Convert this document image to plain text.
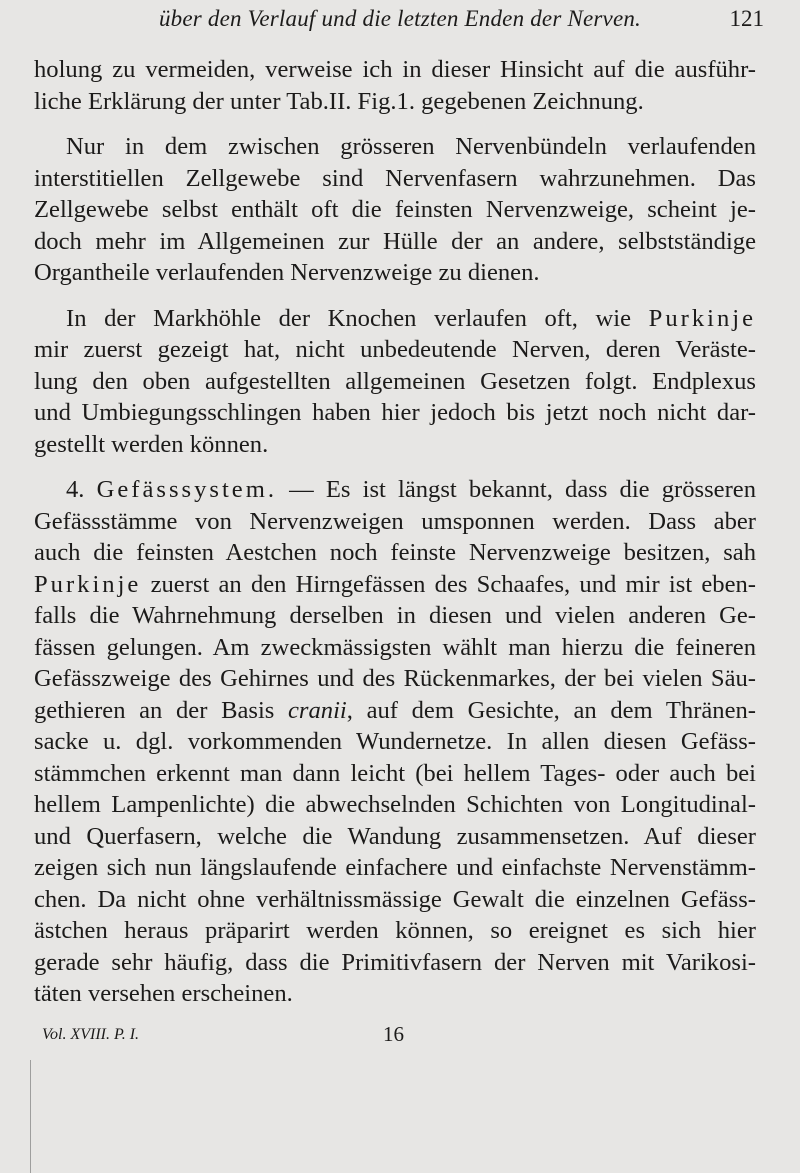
über den Verlauf und die letzten Enden der Nerven.	121
holung zu vermeiden, verweise ich in dieser Hinsicht auf die ausführ-
liche Erklärung der unter Tab.II. Fig.1. gegebenen Zeichnung.
Nur in dem zwischen grösseren Nervenbündeln verlaufenden
interstitiellen Zellgewebe sind Nervenfasern wahrzunehmen. Das
Zellgewebe selbst enthält oft die feinsten Nervenzweige, scheint je-
doch mehr im Allgemeinen zur Hülle der an andere, selbstständige
Organtheile verlaufenden Nervenzweige zu dienen.
In der Markhöhle der Knochen verlaufen oft, wie Purkinje
mir zuerst gezeigt hat, nicht unbedeutende Nerven, deren Veräste-
lung den oben aufgestellten allgemeinen Gesetzen folgt. Endplexus
und Umbiegungsschlingen haben hier jedoch bis jetzt noch nicht dar-
gestellt werden können.
4. Gefässsystem. — Es ist längst bekannt, dass die grösseren
Gefässstämme von Nervenzweigen umsponnen werden. Dass aber
auch die feinsten Aestchen noch feinste Nervenzweige besitzen, sah
Purkinje zuerst an den Hirngefässen des Schaafes, und mir ist eben-
falls die Wahrnehmung derselben in diesen und vielen anderen Ge-
fässen gelungen. Am zweckmässigsten wählt man hierzu die feineren
Gefässzweige des Gehirnes und des Rückenmarkes, der bei vielen Säu-
gethieren an der Basis cranii, auf dem Gesichte, an dem Thränen-
sacke u. dgl. vorkommenden Wundernetze. In allen diesen Gefäss-
stämmchen erkennt man dann leicht (bei hellem Tages- oder auch bei
hellem Lampenlichte) die abwechselnden Schichten von Longitudinal-
und Querfasern, welche die Wandung zusammensetzen. Auf dieser
zeigen sich nun längslaufende einfachere und einfachste Nervenstämm-
chen. Da nicht ohne verhältnissmässige Gewalt die einzelnen Gefäss-
ästchen heraus präparirt werden können, so ereignet es sich hier
gerade sehr häufig, dass die Primitivfasern der Nerven mit Varikosi-
täten versehen erscheinen.
Vol. XVIII. P. I.	16
